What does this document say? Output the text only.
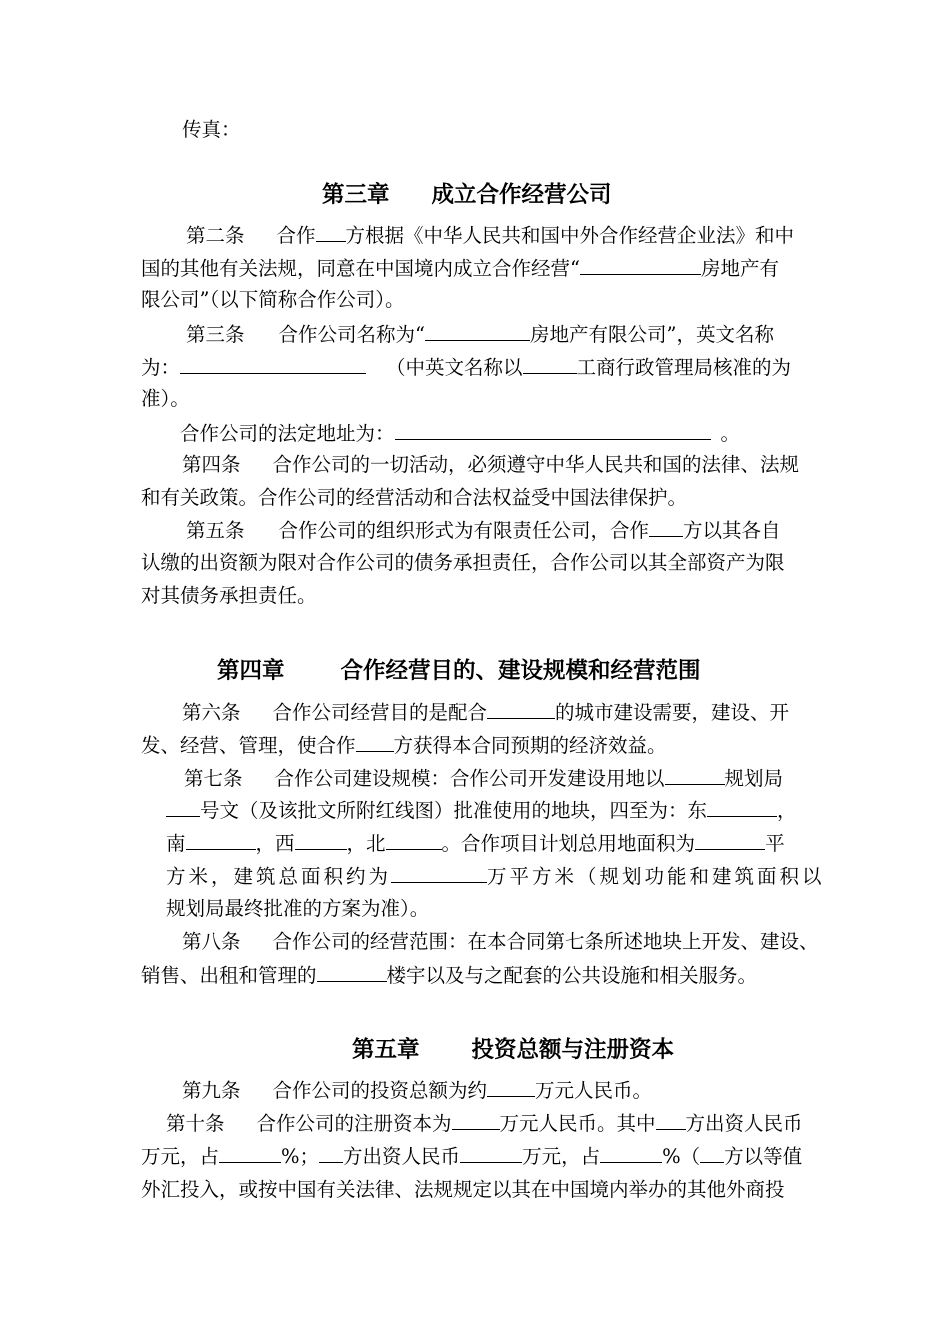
传真：
第三章 成立合作经营公司
第二条 合作 方根据《中华人民共和国中外合作经营企业法》和中
国的其他有关法规，同意在中国境内成立合作经营“	房地产有
限公司”（以下简称合作公司）。
第三条 合作公司名称为“	房地产有限公司”，英文名称
为：	（中英文名称以	工商行政管理局核准的为
准）。
合作公司的法定地址为：	。
第四条 合作公司的一切活动，必须遵守中华人民共和国的法律、法规
和有关政策。合作公司的经营活动和合法权益受中国法律保护。
第五条 合作公司的组织形式为有限责任公司，合作 方以其各自
认缴的出资额为限对合作公司的债务承担责任，合作公司以其全部资产为限
对其债务承担责任。
第四章 合作经营目的、建设规模和经营范围
第六条 合作公司经营目的是配合	的城市建设需要，建设、开
发、经营、管理，使合作 方获得本合同预期的经济效益。
第七条 合作公司建设规模：合作公司开发建设用地以	规划局
号文（及该批文所附红线图）批准使用的地块，四至为：东	，
南	，西	，北	。合作项目计划总用地面积为	平
方米，建筑总面积约为	万平方米（规划功能和建筑面积以
规划局最终批准的方案为准）。
第八条 合作公司的经营范围：在本合同第七条所述地块上开发、建设、
销售、出租和管理的	楼宇以及与之配套的公共设施和相关服务。
第五章 投资总额与注册资本
第九条 合作公司的投资总额为约 万元人民币。
第十条 合作公司的注册资本为 万元人民币。其中 方出资人民币
万元，占	%； 方出资人民币	万元，占	%（ 方以等值
外汇投入，或按中国有关法律、法规规定以其在中国境内举办的其他外商投
